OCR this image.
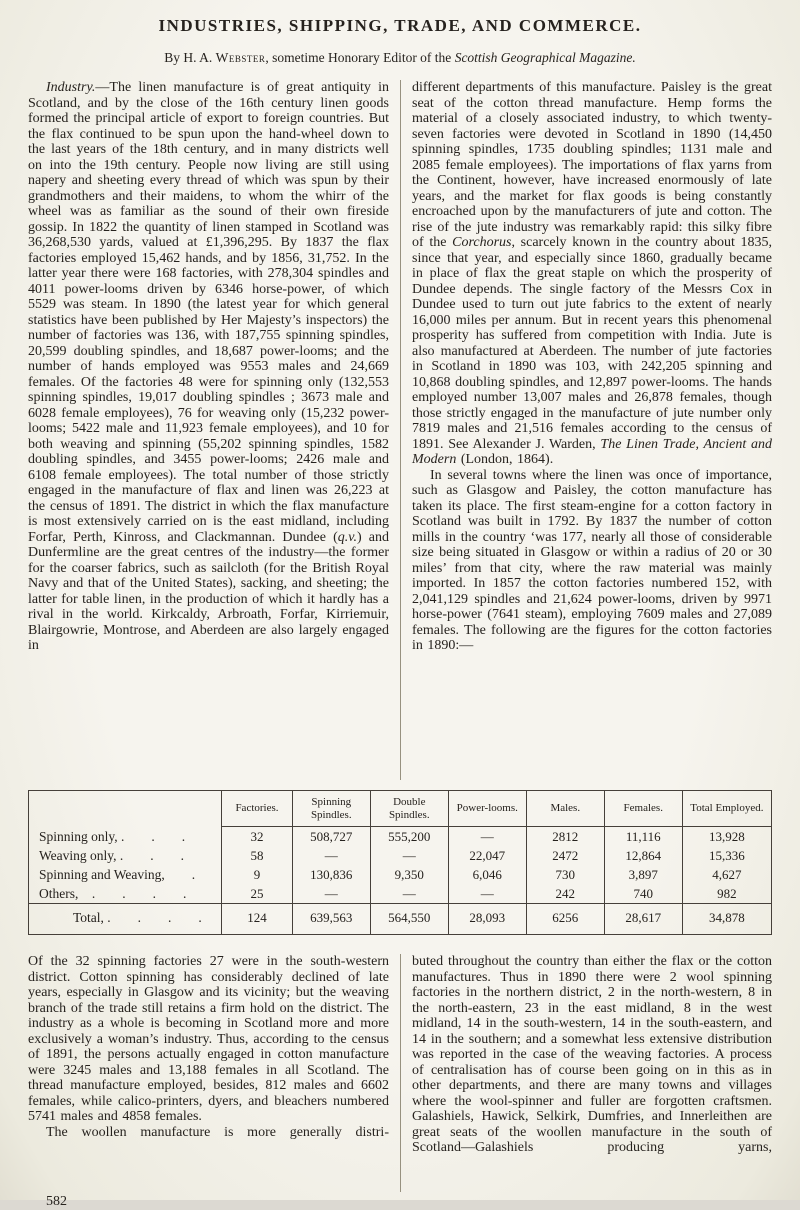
INDUSTRIES, SHIPPING, TRADE, AND COMMERCE.
By H. A. Webster, sometime Honorary Editor of the Scottish Geographical Magazine.

Industry.—The linen manufacture is of great antiquity in Scotland, and by the close of the 16th century linen goods formed the principal article of export to foreign countries. But the flax continued to be spun upon the hand-wheel down to the last years of the 18th century, and in many districts well on into the 19th century. People now living are still using napery and sheeting every thread of which was spun by their grandmothers and their maidens, to whom the whirr of the wheel was as familiar as the sound of their own fireside gossip. In 1822 the quantity of linen stamped in Scotland was 36,268,530 yards, valued at £1,396,295. By 1837 the flax factories employed 15,462 hands, and by 1856, 31,752. In the latter year there were 168 factories, with 278,304 spindles and 4011 power-looms driven by 6346 horse-power, of which 5529 was steam. In 1890 (the latest year for which general statistics have been published by Her Majesty’s inspectors) the number of factories was 136, with 187,755 spinning spindles, 20,599 doubling spindles, and 18,687 power-looms; and the number of hands employed was 9553 males and 24,669 females. Of the factories 48 were for spinning only (132,553 spinning spindles, 19,017 doubling spindles ; 3673 male and 6028 female employees), 76 for weaving only (15,232 power-looms; 5422 male and 11,923 female employees), and 10 for both weaving and spinning (55,202 spinning spindles, 1582 doubling spindles, and 3455 power-looms; 2426 male and 6108 female employees). The total number of those strictly engaged in the manufacture of flax and linen was 26,223 at the census of 1891. The district in which the flax manufacture is most extensively carried on is the east midland, including Forfar, Perth, Kinross, and Clackmannan. Dundee (q.v.) and Dunfermline are the great centres of the industry—the former for the coarser fabrics, such as sailcloth (for the British Royal Navy and that of the United States), sacking, and sheeting; the latter for table linen, in the production of which it hardly has a rival in the world. Kirkcaldy, Arbroath, Forfar, Kirriemuir, Blairgowrie, Montrose, and Aberdeen are also largely engaged in

different departments of this manufacture. Paisley is the great seat of the cotton thread manufacture. Hemp forms the material of a closely associated industry, to which twenty-seven factories were devoted in Scotland in 1890 (14,450 spinning spindles, 1735 doubling spindles; 1131 male and 2085 female employees). The importations of flax yarns from the Continent, however, have increased enormously of late years, and the market for flax goods is being constantly encroached upon by the manufacturers of jute and cotton. The rise of the jute industry was remarkably rapid: this silky fibre of the Corchorus, scarcely known in the country about 1835, since that year, and especially since 1860, gradually became in place of flax the great staple on which the prosperity of Dundee depends. The single factory of the Messrs Cox in Dundee used to turn out jute fabrics to the extent of nearly 16,000 miles per annum. But in recent years this phenomenal prosperity has suffered from competition with India. Jute is also manufactured at Aberdeen. The number of jute factories in Scotland in 1890 was 103, with 242,205 spinning and 10,868 doubling spindles, and 12,897 power-looms. The hands employed number 13,007 males and 26,878 females, though those strictly engaged in the manufacture of jute number only 7819 males and 21,516 females according to the census of 1891. See Alexander J. Warden, The Linen Trade, Ancient and Modern (London, 1864).

In several towns where the linen was once of importance, such as Glasgow and Paisley, the cotton manufacture has taken its place. The first steam-engine for a cotton factory in Scotland was built in 1792. By 1837 the number of cotton mills in the country ‘was 177, nearly all those of considerable size being situated in Glasgow or within a radius of 20 or 30 miles’ from that city, where the raw material was mainly imported. In 1857 the cotton factories numbered 152, with 2,041,129 spindles and 21,624 power-looms, driven by 9971 horse-power (7641 steam), employing 7609 males and 27,089 females. The following are the figures for the cotton factories in 1890:—

	Factories.	Spinning Spindles.	Double Spindles.	Power-looms.	Males.	Females.	Total Employed.
Spinning only, .  .  .	32	508,727	555,200	—	2812	11,116	13,928
Weaving only, .  .  .	58	—	—	22,047	2472	12,864	15,336
Spinning and Weaving,  .	9	130,836	9,350	6,046	730	3,897	4,627
Others, .  .  .  .	25	—	—	—	242	740	982
Total, .  .  .  .	124	639,563	564,550	28,093	6256	28,617	34,878

Of the 32 spinning factories 27 were in the south-western district. Cotton spinning has considerably declined of late years, especially in Glasgow and its vicinity; but the weaving branch of the trade still retains a firm hold on the district. The industry as a whole is becoming in Scotland more and more exclusively a woman’s industry. Thus, according to the census of 1891, the persons actually engaged in cotton manufacture were 3245 males and 13,188 females in all Scotland. The thread manufacture employed, besides, 812 males and 6602 females, while calico-printers, dyers, and bleachers numbered 5741 males and 4858 females.

The woollen manufacture is more generally distri-

buted throughout the country than either the flax or the cotton manufactures. Thus in 1890 there were 2 wool spinning factories in the northern district, 2 in the north-western, 8 in the north-eastern, 23 in the east midland, 8 in the west midland, 14 in the south-western, 14 in the south-eastern, and 14 in the southern; and a somewhat less extensive distribution was reported in the case of the weaving factories. A process of centralisation has of course been going on in this as in other departments, and there are many towns and villages where the wool-spinner and fuller are forgotten craftsmen. Galashiels, Hawick, Selkirk, Dumfries, and Innerleithen are great seats of the woollen manufacture in the south of Scotland—Galashiels producing yarns,

582
